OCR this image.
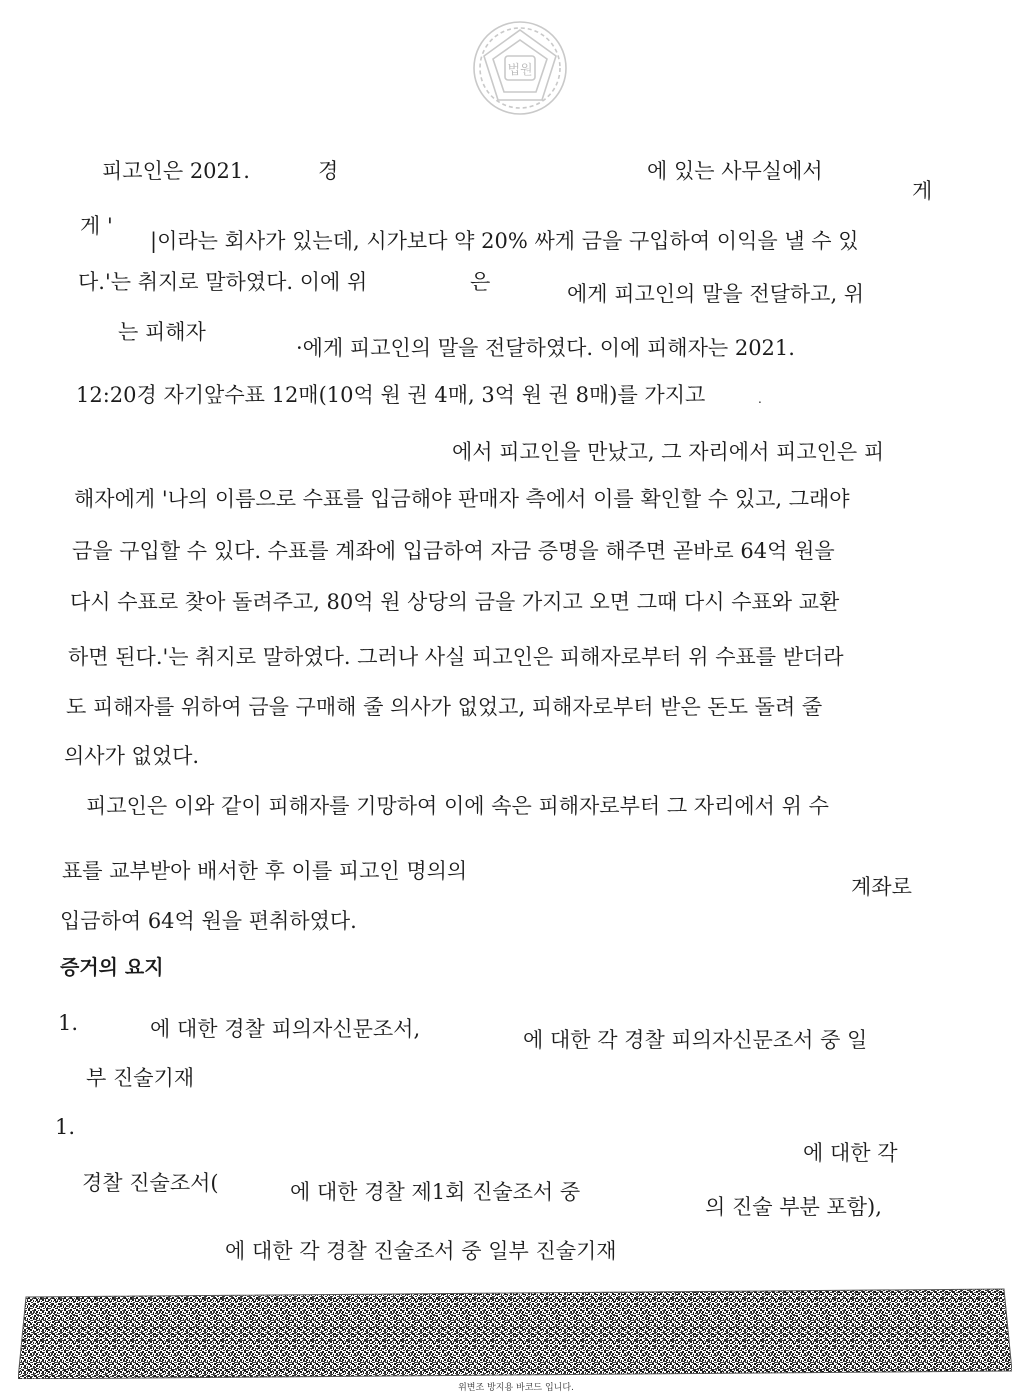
법원
피고인은 2021.	경	에 있는 사무실에서
게
게 '
|이라는 회사가 있는데, 시가보다 약 20% 싸게 금을 구입하여 이익을 낼 수 있
다.'는 취지로 말하였다. 이에 위	은	에게 피고인의 말을 전달하고, 위
는 피해자
·에게 피고인의 말을 전달하였다. 이에 피해자는 2021.
12:20경 자기앞수표 12매(10억 원 권 4매, 3억 원 권 8매)를 가지고	.
에서 피고인을 만났고, 그 자리에서 피고인은 피
해자에게 '나의 이름으로 수표를 입금해야 판매자 측에서 이를 확인할 수 있고, 그래야
금을 구입할 수 있다. 수표를 계좌에 입금하여 자금 증명을 해주면 곧바로 64억 원을
다시 수표로 찾아 돌려주고, 80억 원 상당의 금을 가지고 오면 그때 다시 수표와 교환
하면 된다.'는 취지로 말하였다. 그러나 사실 피고인은 피해자로부터 위 수표를 받더라
도 피해자를 위하여 금을 구매해 줄 의사가 없었고, 피해자로부터 받은 돈도 돌려 줄
의사가 없었다.
피고인은 이와 같이 피해자를 기망하여 이에 속은 피해자로부터 그 자리에서 위 수
표를 교부받아 배서한 후 이를 피고인 명의의
계좌로
입금하여 64억 원을 편취하였다.
증거의 요지
1.	에 대한 경찰 피의자신문조서,	에 대한 각 경찰 피의자신문조서 중 일
부 진술기재
1.
에 대한 각
경찰 진술조서(	에 대한 경찰 제1회 진술조서 중
의 진술 부분 포함),
에 대한 각 경찰 진술조서 중 일부 진술기재
위변조 방지용 바코드 입니다.
